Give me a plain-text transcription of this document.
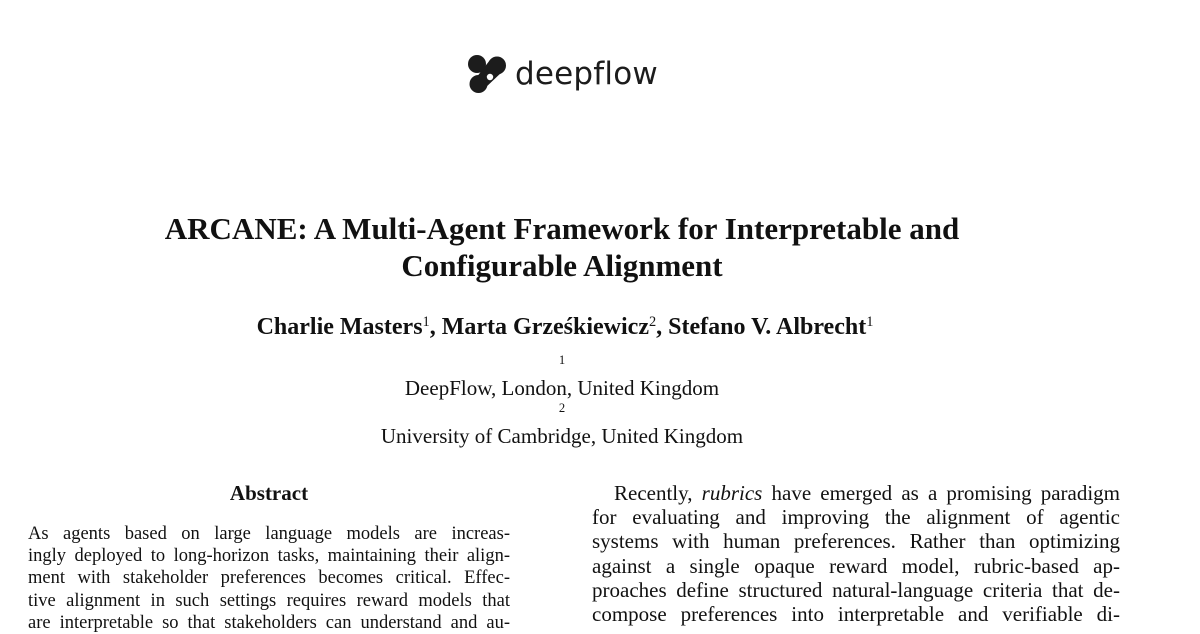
deepflow
ARCANE: A Multi-Agent Framework for Interpretable and
Configurable Alignment
Charlie Masters$^1$, Marta Grześkiewicz$^2$, Stefano V. Albrecht$^1$
$^1$
DeepFlow, London, United Kingdom
$^2$
University of Cambridge, United Kingdom
Abstract
As agents based on large language models are increas-
ingly deployed to long-horizon tasks, maintaining their align-
ment with stakeholder preferences becomes critical. Effec-
tive alignment in such settings requires reward models that
are interpretable so that stakeholders can understand and au-
Recently, rubrics have emerged as a promising paradigm
for evaluating and improving the alignment of agentic
systems with human preferences. Rather than optimizing
against a single opaque reward model, rubric-based ap-
proaches define structured natural-language criteria that de-
compose preferences into interpretable and verifiable di-
